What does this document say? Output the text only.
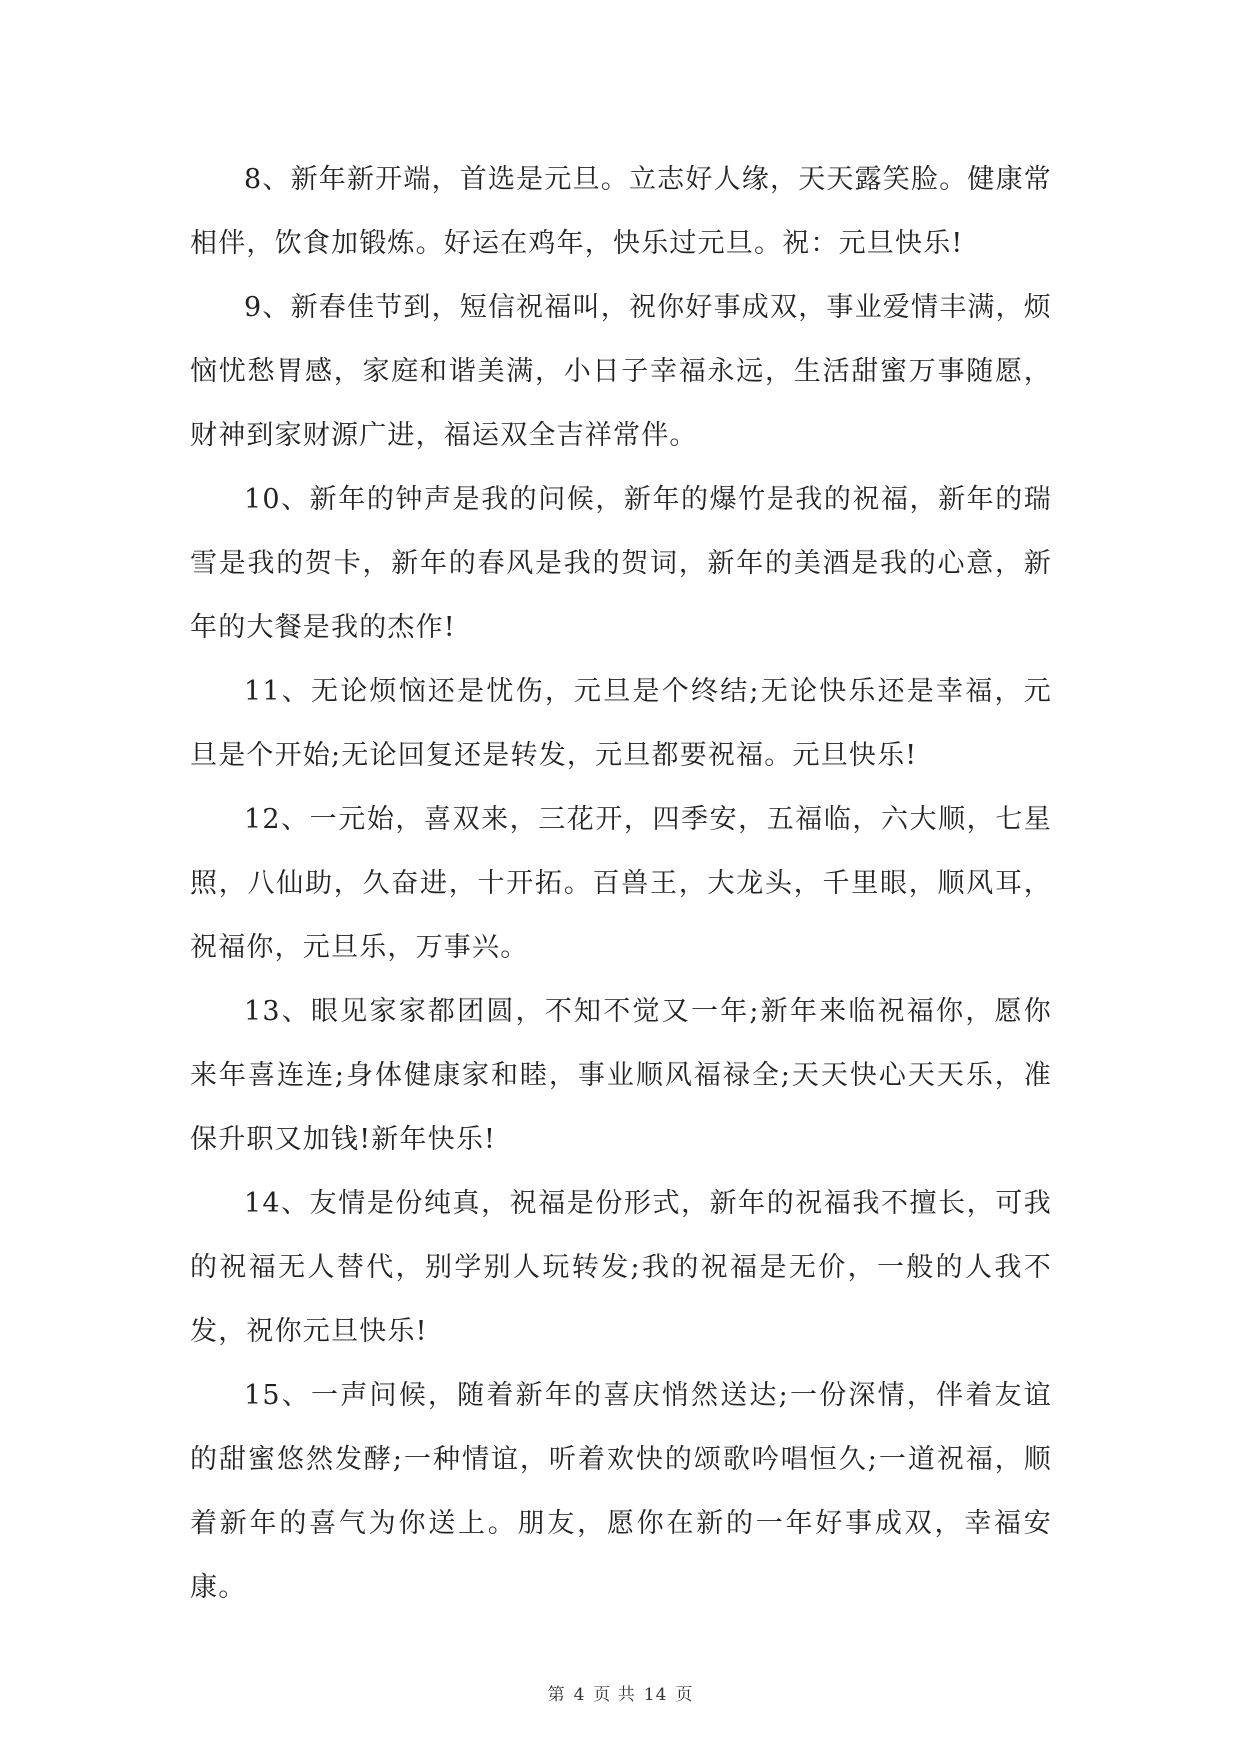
8、新年新开端，首选是元旦。立志好人缘，天天露笑脸。健康常相伴，饮食加锻炼。好运在鸡年，快乐过元旦。祝：元旦快乐!

9、新春佳节到，短信祝福叫，祝你好事成双，事业爱情丰满，烦恼忧愁胃感，家庭和谐美满，小日子幸福永远，生活甜蜜万事随愿，财神到家财源广进，福运双全吉祥常伴。

10、新年的钟声是我的问候，新年的爆竹是我的祝福，新年的瑞雪是我的贺卡，新年的春风是我的贺词，新年的美酒是我的心意，新年的大餐是我的杰作!

11、无论烦恼还是忧伤，元旦是个终结;无论快乐还是幸福，元旦是个开始;无论回复还是转发，元旦都要祝福。元旦快乐!

12、一元始，喜双来，三花开，四季安，五福临，六大顺，七星照，八仙助，久奋进，十开拓。百兽王，大龙头，千里眼，顺风耳，祝福你，元旦乐，万事兴。

13、眼见家家都团圆，不知不觉又一年;新年来临祝福你，愿你来年喜连连;身体健康家和睦，事业顺风福禄全;天天快心天天乐，准保升职又加钱!新年快乐!

14、友情是份纯真，祝福是份形式，新年的祝福我不擅长，可我的祝福无人替代，别学别人玩转发;我的祝福是无价，一般的人我不发，祝你元旦快乐!

15、一声问候，随着新年的喜庆悄然送达;一份深情，伴着友谊的甜蜜悠然发酵;一种情谊，听着欢快的颂歌吟唱恒久;一道祝福，顺着新年的喜气为你送上。朋友，愿你在新的一年好事成双，幸福安康。

第 4 页 共 14 页
